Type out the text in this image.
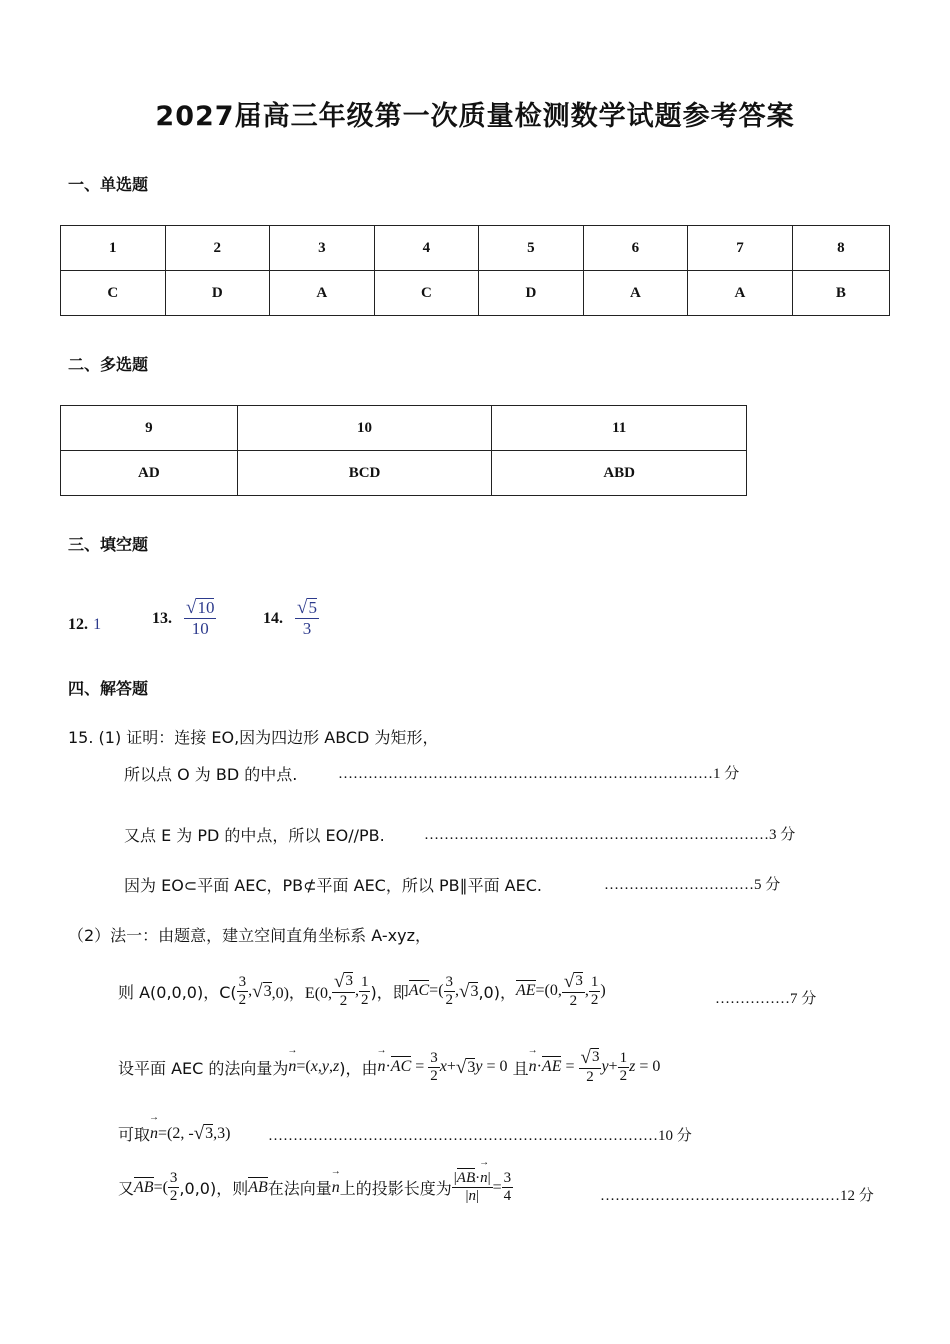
2027届高三年级第一次质量检测数学试题参考答案
一、单选题
1	2	3	4	5	6	7	8
C	D	A	C	D	A	A	B
二、多选题
9	10	11
AD	BCD	ABD
三、填空题
12. 1	13. $\frac{√ 10}{10}$	14. $\frac{√ 5}{3}$
四、解答题
15. (1) 证明：连接 EO,因为四边形 ABCD 为矩形，
所以点 O 为 BD 的中点.	…………………………………………………………………1 分
又点 E 为 PD 的中点，所以 EO//PB.	……………………………………………………………3 分
因为 EO⊂平面 AEC，PB⊄平面 AEC，所以 PB∥平面 AEC.	…………………………5 分
（2）法一：由题意，建立空间直角坐标系 A-xyz，
则 A(0,0,0)，$C( \frac{3}{2}$ , √ 3 ,0)，E(0, $\frac{√ 3}{2}$ , $\frac{1}{2}$ )，即 AC =( $\frac{3}{2}$ , √ 3 ,0)， AE =(0, $\frac{√ 3}{2}$ , $\frac{1}{2}$ )	……………7 分
设平面 AEC 的法向量为 n → =( x , y , z )，由 n → · AC = $\frac{3}{2}$ x + √ 3 y = 0 且 n → · AE = $\frac{√ 3}{2}$ $y + \frac{1}{2}$ z = 0
可取 n → =(2, - √ 3 ,3)	……………………………………………………………………10 分
又 AB =( $\frac{3}{2} ,0,0$)，则 AB 在法向量 n → 上的投影长度为 $\frac{|AB\cdot n \to|}{|n \to|} = \frac{3}{4}$	…………………………………………12 分
